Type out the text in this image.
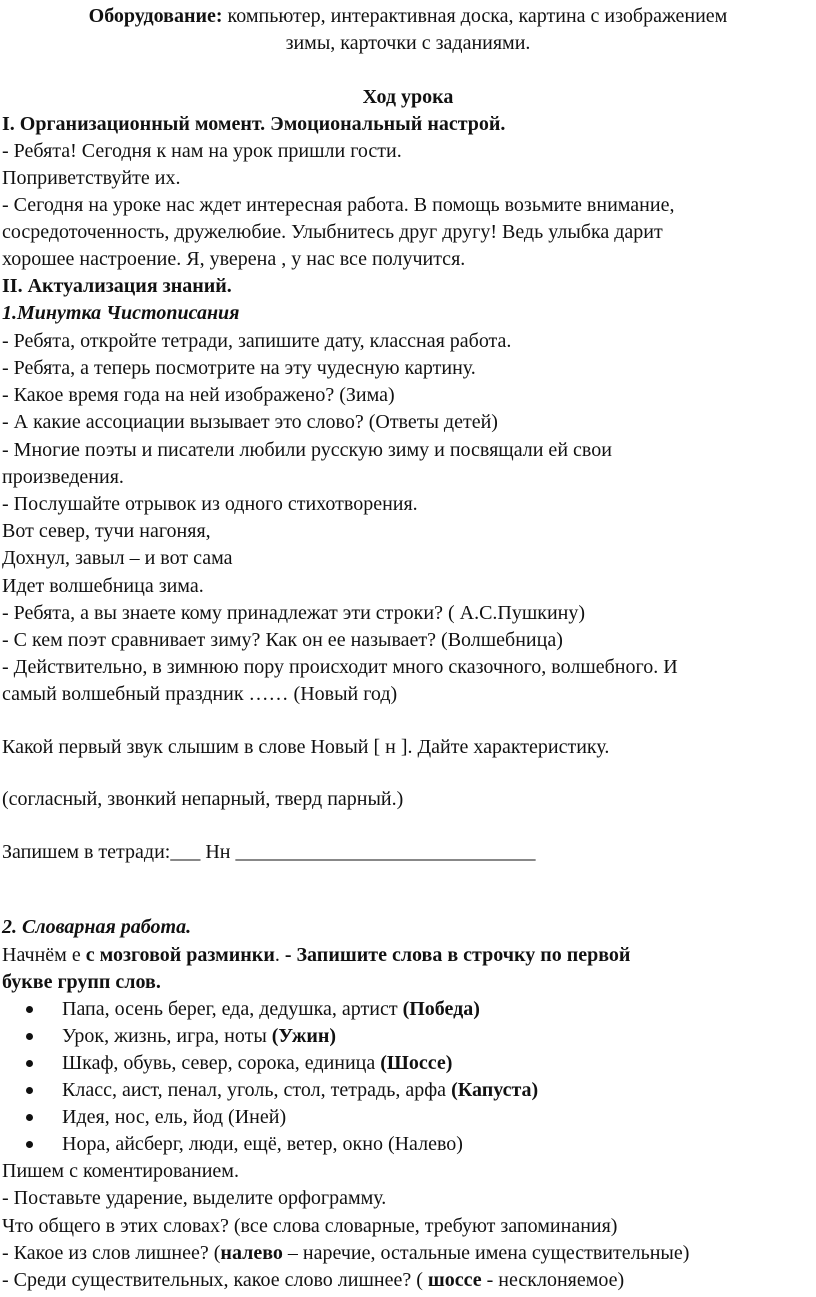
Оборудование: компьютер, интерактивная доска, картина с изображением
зимы, карточки с заданиями.
Ход урока
I. Организационный момент. Эмоциональный настрой.
- Ребята! Сегодня к нам на урок пришли гости.
Поприветствуйте их.
- Сегодня на уроке нас ждет интересная работа. В помощь возьмите внимание,
сосредоточенность, дружелюбие. Улыбнитесь друг другу! Ведь улыбка дарит
хорошее настроение. Я, уверена , у нас все получится.
II. Актуализация знаний.
1.Минутка Чистописания
- Ребята, откройте тетради, запишите дату, классная работа.
- Ребята, а теперь посмотрите на эту чудесную картину.
- Какое время года на ней изображено? (Зима)
- А какие ассоциации вызывает это слово? (Ответы детей)
- Многие поэты и писатели любили русскую зиму и посвящали ей свои
произведения.
- Послушайте отрывок из одного стихотворения.
Вот север, тучи нагоняя,
Дохнул, завыл – и вот сама
Идет волшебница зима.
- Ребята, а вы знаете кому принадлежат эти строки? ( А.С.Пушкину)
- С кем поэт сравнивает зиму? Как он ее называет? (Волшебница)
- Действительно, в зимнюю пору происходит много сказочного, волшебного. И
самый волшебный праздник …… (Новый год)
Какой первый звук слышим в слове Новый [ н ]. Дайте характеристику.
(согласный, звонкий непарный, тверд парный.)
Запишем в тетради:___ Нн ______________________________
2. Словарная работа.
Начнём е с мозговой разминки. - Запишите слова в строчку по первой
букве групп слов.
Папа, осень берег, еда, дедушка, артист (Победа)
Урок, жизнь, игра, ноты (Ужин)
Шкаф, обувь, север, сорока, единица (Шоссе)
Класс, аист, пенал, уголь, стол, тетрадь, арфа (Капуста)
Идея, нос, ель, йод (Иней)
Нора, айсберг, люди, ещё, ветер, окно (Налево)
Пишем с коментированием.
- Поставьте ударение, выделите орфограмму.
Что общего в этих словах? (все слова словарные, требуют запоминания)
- Какое из слов лишнее? (налево – наречие, остальные имена существительные)
- Среди существительных, какое слово лишнее? ( шоссе - несклоняемое)
